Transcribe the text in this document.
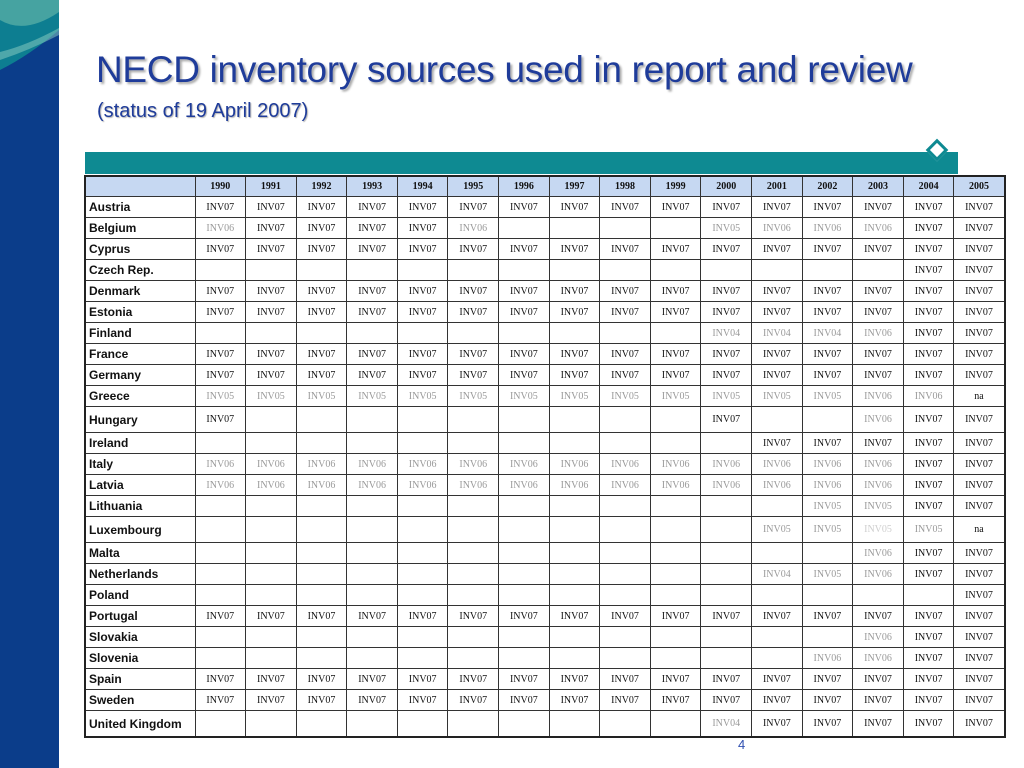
NECD inventory sources used in report and review
(status of 19 April 2007)
	1990	1991	1992	1993	1994	1995	1996	1997	1998	1999	2000	2001	2002	2003	2004	2005
Austria	INV07	INV07	INV07	INV07	INV07	INV07	INV07	INV07	INV07	INV07	INV07	INV07	INV07	INV07	INV07	INV07
Belgium	INV06	INV07	INV07	INV07	INV07	INV06					INV05	INV06	INV06	INV06	INV07	INV07
Cyprus	INV07	INV07	INV07	INV07	INV07	INV07	INV07	INV07	INV07	INV07	INV07	INV07	INV07	INV07	INV07	INV07
Czech Rep.															INV07	INV07
Denmark	INV07	INV07	INV07	INV07	INV07	INV07	INV07	INV07	INV07	INV07	INV07	INV07	INV07	INV07	INV07	INV07
Estonia	INV07	INV07	INV07	INV07	INV07	INV07	INV07	INV07	INV07	INV07	INV07	INV07	INV07	INV07	INV07	INV07
Finland											INV04	INV04	INV04	INV06	INV07	INV07
France	INV07	INV07	INV07	INV07	INV07	INV07	INV07	INV07	INV07	INV07	INV07	INV07	INV07	INV07	INV07	INV07
Germany	INV07	INV07	INV07	INV07	INV07	INV07	INV07	INV07	INV07	INV07	INV07	INV07	INV07	INV07	INV07	INV07
Greece	INV05	INV05	INV05	INV05	INV05	INV05	INV05	INV05	INV05	INV05	INV05	INV05	INV05	INV06	INV06	na
Hungary	INV07										INV07			INV06	INV07	INV07
Ireland												INV07	INV07	INV07	INV07	INV07
Italy	INV06	INV06	INV06	INV06	INV06	INV06	INV06	INV06	INV06	INV06	INV06	INV06	INV06	INV06	INV07	INV07
Latvia	INV06	INV06	INV06	INV06	INV06	INV06	INV06	INV06	INV06	INV06	INV06	INV06	INV06	INV06	INV07	INV07
Lithuania													INV05	INV05	INV07	INV07
Luxembourg												INV05	INV05	INV05	INV05	na
Malta														INV06	INV07	INV07
Netherlands												INV04	INV05	INV06	INV07	INV07
Poland																INV07
Portugal	INV07	INV07	INV07	INV07	INV07	INV07	INV07	INV07	INV07	INV07	INV07	INV07	INV07	INV07	INV07	INV07
Slovakia														INV06	INV07	INV07
Slovenia													INV06	INV06	INV07	INV07
Spain	INV07	INV07	INV07	INV07	INV07	INV07	INV07	INV07	INV07	INV07	INV07	INV07	INV07	INV07	INV07	INV07
Sweden	INV07	INV07	INV07	INV07	INV07	INV07	INV07	INV07	INV07	INV07	INV07	INV07	INV07	INV07	INV07	INV07
United Kingdom											INV04	INV07	INV07	INV07	INV07	INV07
4
